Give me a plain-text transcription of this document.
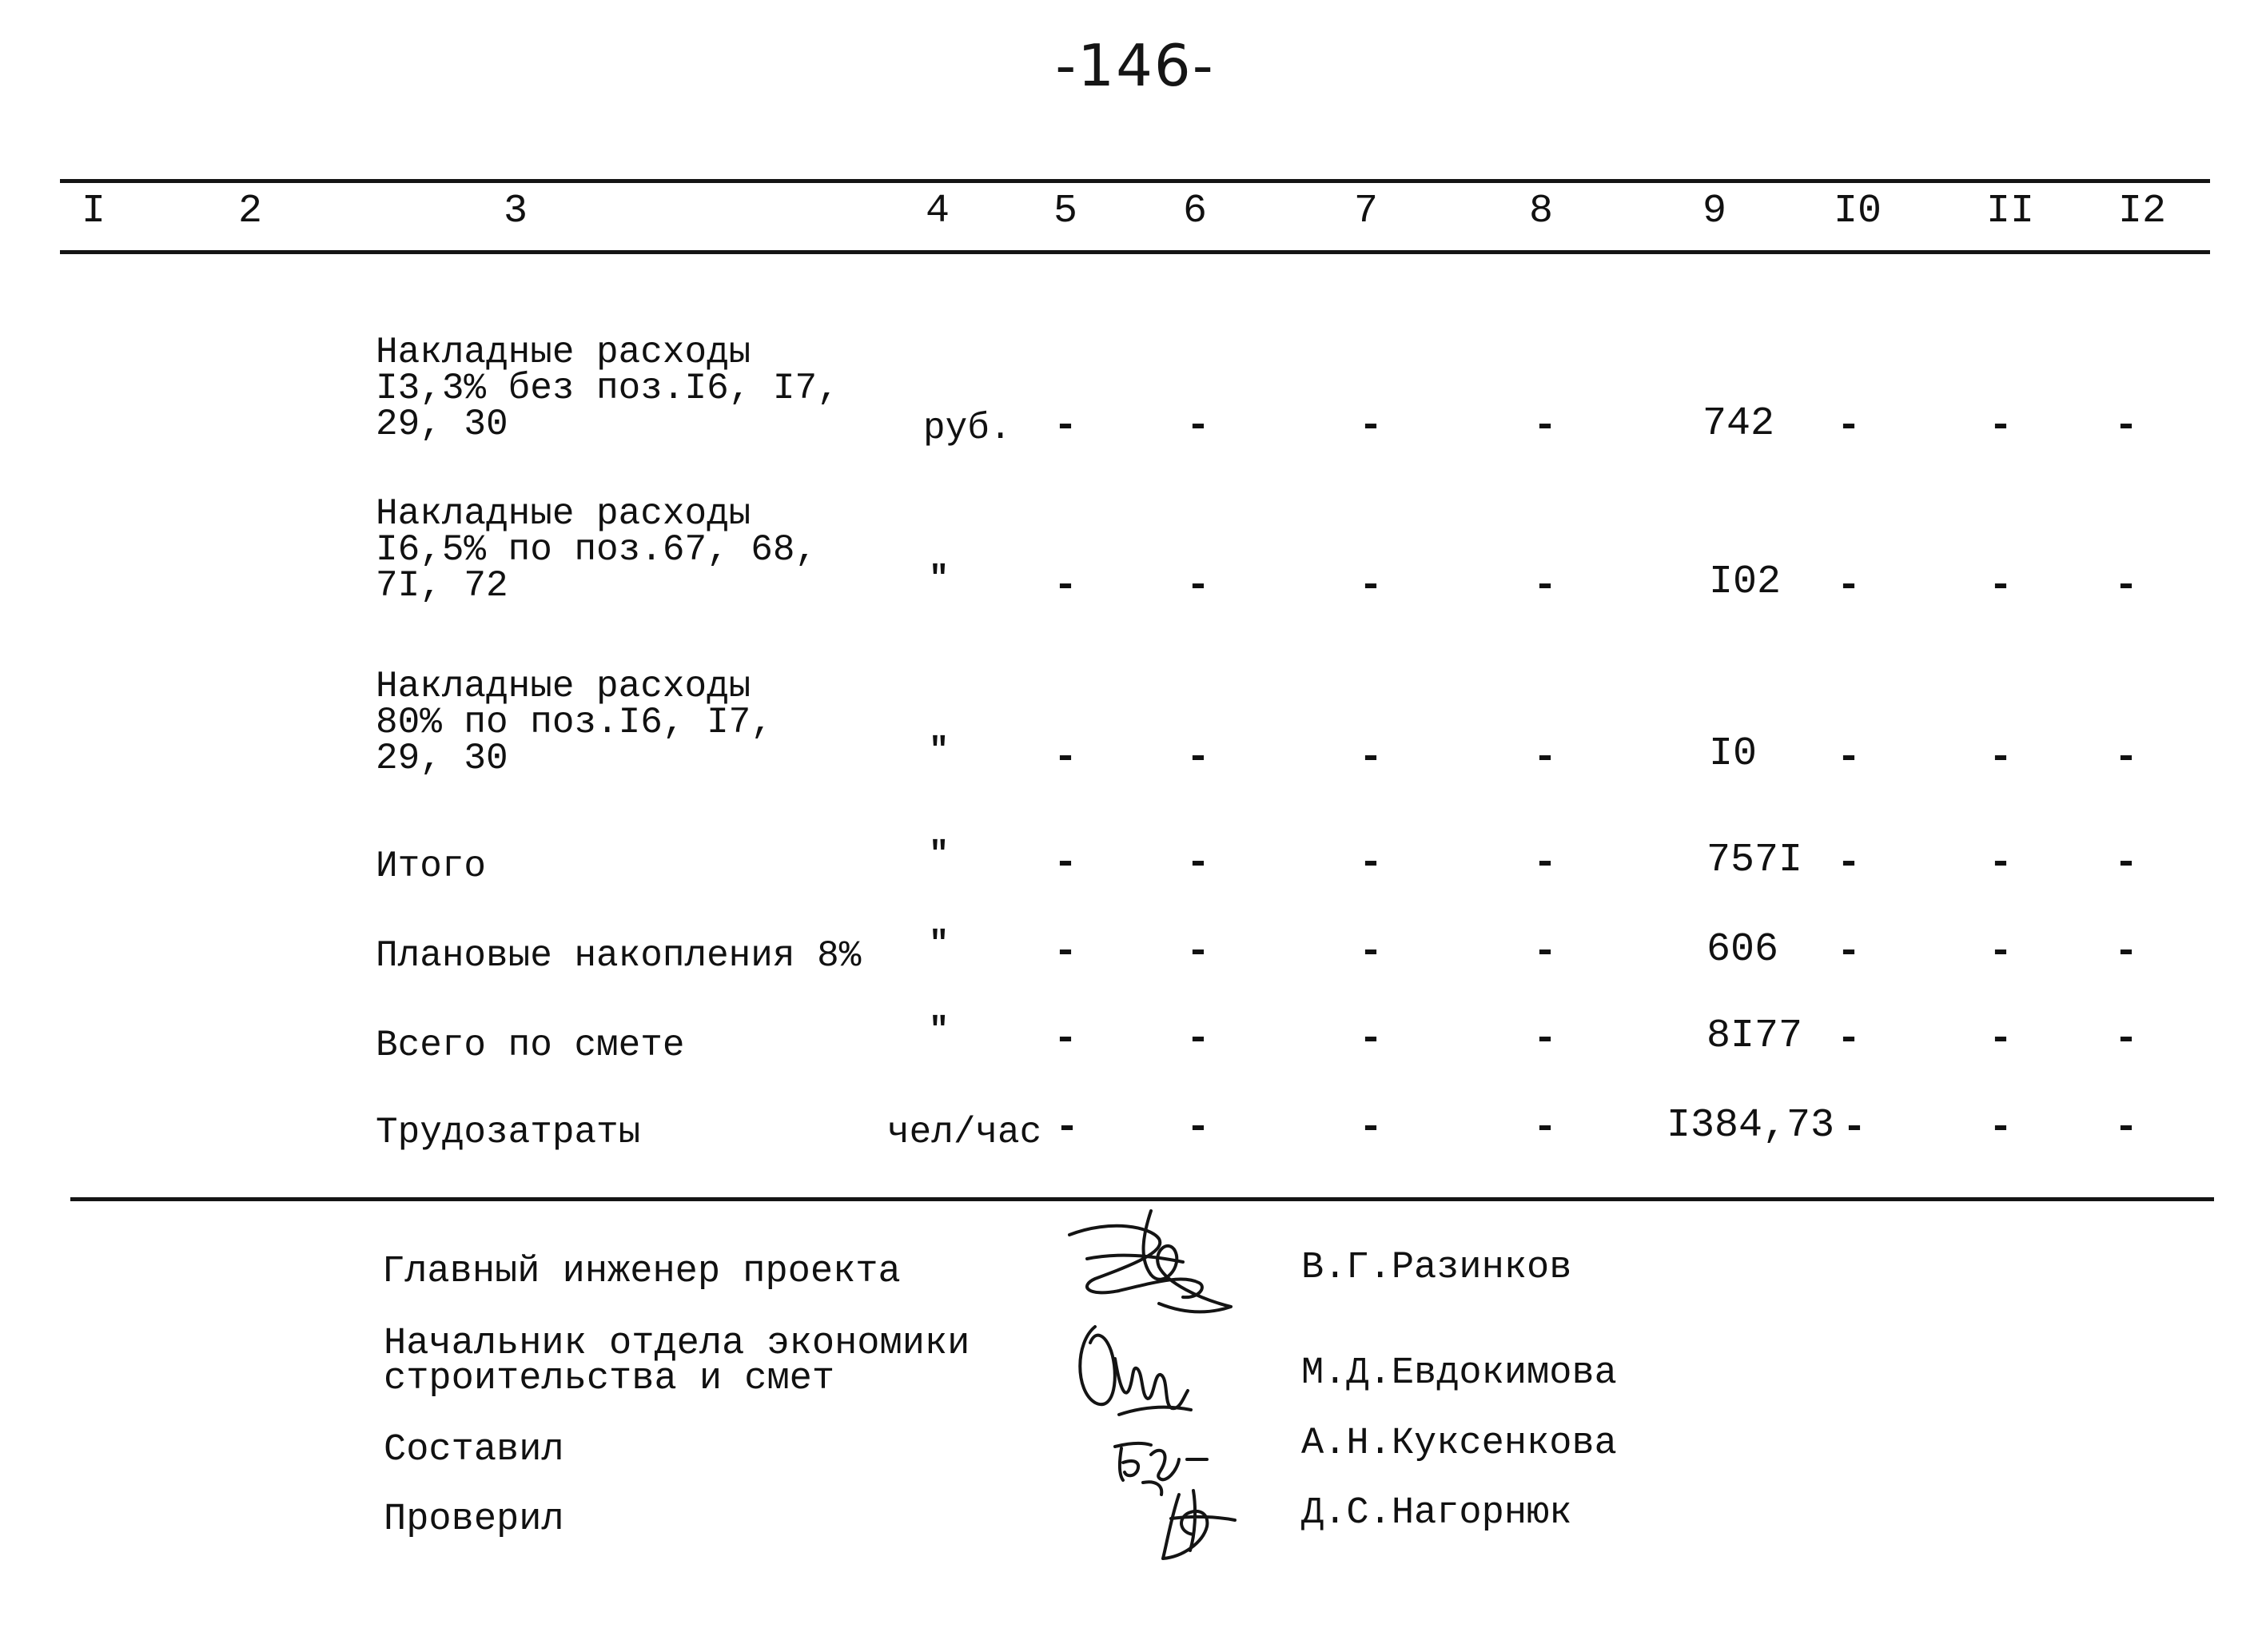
-146-
I	2	3	4	5	6	7	8	9	I0	II I2
Накладные расходы
I3,3% без поз.I6, I7,
29, 30	руб. -	-	-	-	742 -	-	-
Накладные расходы
I6,5% по поз.67, 68,
7I, 72	"	-	-	-	-	I02 -	-	-
Накладные расходы
80% по поз.I6, I7,
29, 30	"	-	-	-	-	I0 -	-	-
Итого	"	-	-	-	-	757I -	-	-
Плановые накопления 8% "	-	-	-	-	606 -	-	-
Всего по смете	"	-	-	-	-	8I77 -	-	-
Трудозатраты	чел/час -	-	-	-	I384,73 -	-	-
Главный инженер проекта	В.Г.Разинков
Начальник отдела экономики
строительства и смет	М.Д.Евдокимова
Составил	А.Н.Куксенкова
Проверил	Д.С.Нагорнюк
